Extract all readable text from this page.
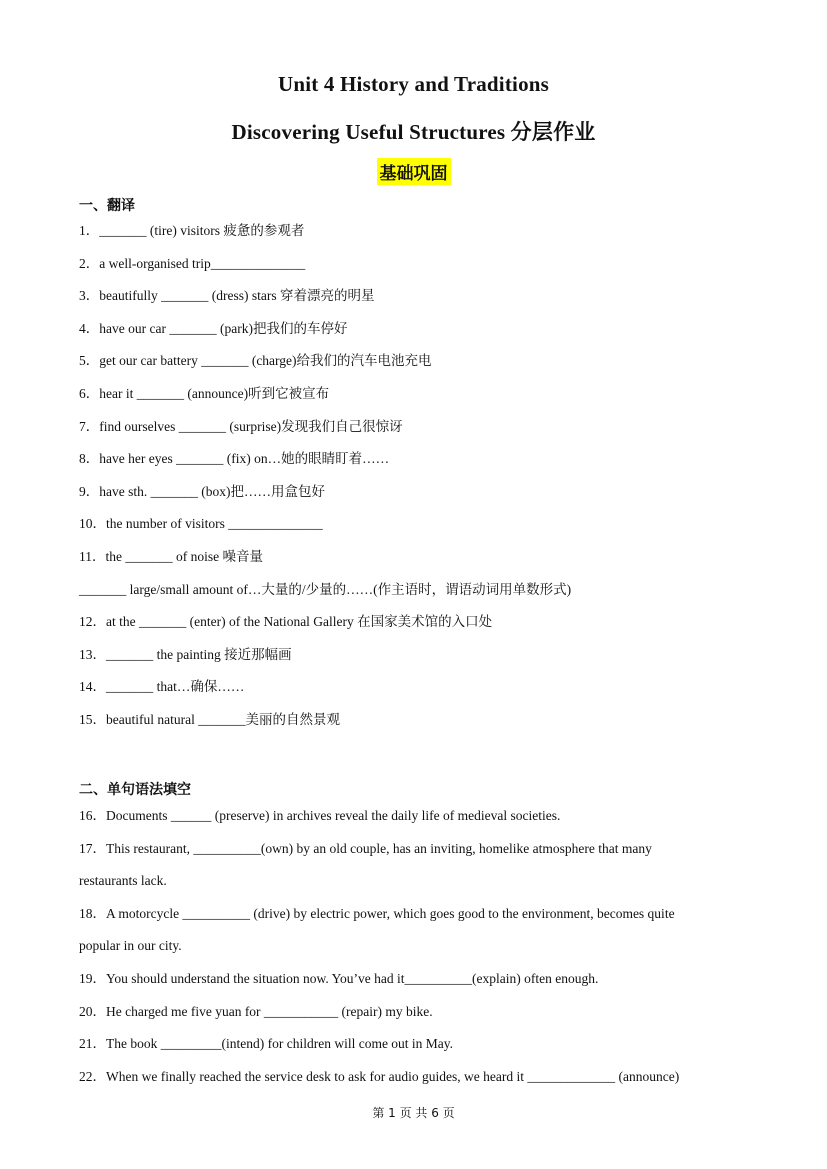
Unit 4 History and Traditions
Discovering Useful Structures 分层作业
基础巩固
一、翻译
1．_______ (tire) visitors 疲惫的参观者
2．a well-organised trip______________
3．beautifully _______ (dress) stars 穿着漂亮的明星
4．have our car _______ (park)把我们的车停好
5．get our car battery _______ (charge)给我们的汽车电池充电
6．hear it _______ (announce)听到它被宣布
7．find ourselves _______ (surprise)发现我们自己很惊讶
8．have her eyes _______ (fix) on…她的眼睛盯着……
9．have sth. _______ (box)把……用盒包好
10．the number of visitors ______________
11．the _______ of noise 噪音量
_______ large/small amount of…大量的/少量的……(作主语时，谓语动词用单数形式)
12．at the _______ (enter) of the National Gallery 在国家美术馆的入口处
13．_______ the painting 接近那幅画
14．_______ that…确保……
15．beautiful natural _______美丽的自然景观
二、单句语法填空
16．Documents ______ (preserve) in archives reveal the daily life of medieval societies.
17．This restaurant, __________(own) by an old couple, has an inviting, homelike atmosphere that many
restaurants lack.
18．A motorcycle __________ (drive) by electric power, which goes good to the environment, becomes quite
popular in our city.
19．You should understand the situation now. You’ve had it__________(explain) often enough.
20．He charged me five yuan for ___________ (repair) my bike.
21．The book _________(intend) for children will come out in May.
22．When we finally reached the service desk to ask for audio guides, we heard it _____________ (announce)
第 1 页 共 6 页
